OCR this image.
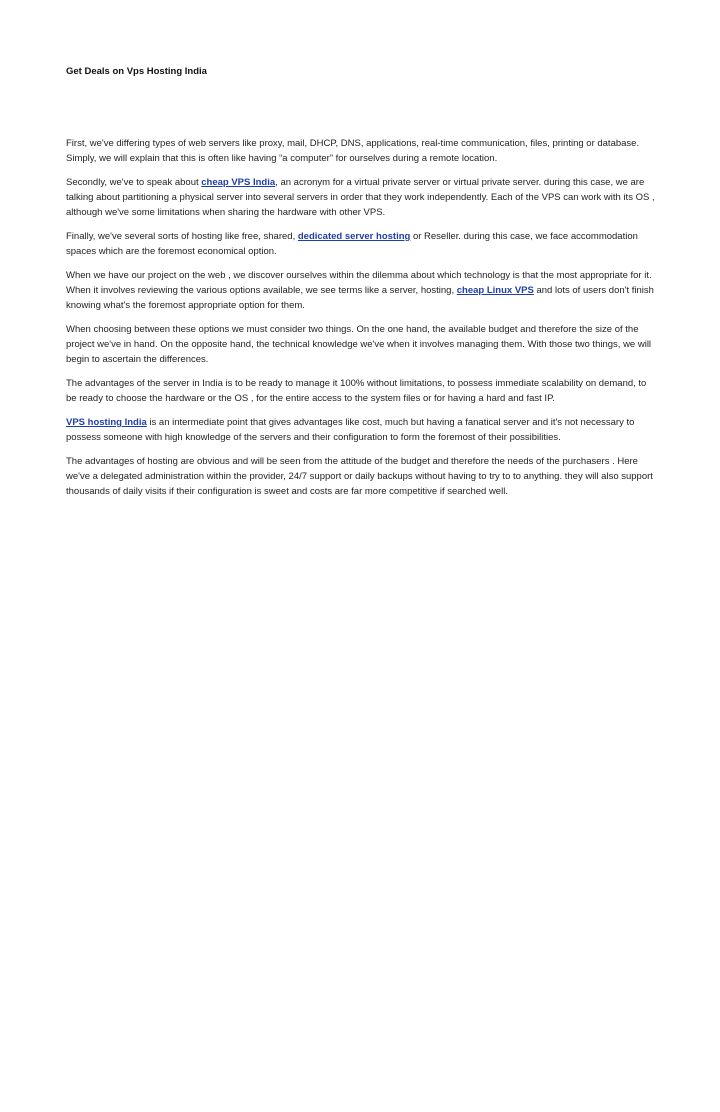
Get Deals on Vps Hosting India

First, we've differing types of web servers like proxy, mail, DHCP, DNS, applications, real-time communication, files, printing or database. Simply, we will explain that this is often like having “a computer” for ourselves during a remote location.

Secondly, we've to speak about cheap VPS India, an acronym for a virtual private server or virtual private server. during this case, we are talking about partitioning a physical server into several servers in order that they work independently. Each of the VPS can work with its OS , although we've some limitations when sharing the hardware with other VPS.

Finally, we've several sorts of hosting like free, shared, dedicated server hosting or Reseller. during this case, we face accommodation spaces which are the foremost economical option.

When we have our project on the web , we discover ourselves within the dilemma about which technology is that the most appropriate for it. When it involves reviewing the various options available, we see terms like a server, hosting, cheap Linux VPS and lots of users don't finish knowing what's the foremost appropriate option for them.

When choosing between these options we must consider two things. On the one hand, the available budget and therefore the size of the project we've in hand. On the opposite hand, the technical knowledge we've when it involves managing them. With those two things, we will begin to ascertain the differences.

The advantages of the server in India is to be ready to manage it 100% without limitations, to possess immediate scalability on demand, to be ready to choose the hardware or the OS , for the entire access to the system files or for having a hard and fast IP.

VPS hosting India is an intermediate point that gives advantages like cost, much but having a fanatical server and it's not necessary to possess someone with high knowledge of the servers and their configuration to form the foremost of their possibilities.

The advantages of hosting are obvious and will be seen from the attitude of the budget and therefore the needs of the purchasers . Here we've a delegated administration within the provider, 24/7 support or daily backups without having to try to to anything. they will also support thousands of daily visits if their configuration is sweet and costs are far more competitive if searched well.
